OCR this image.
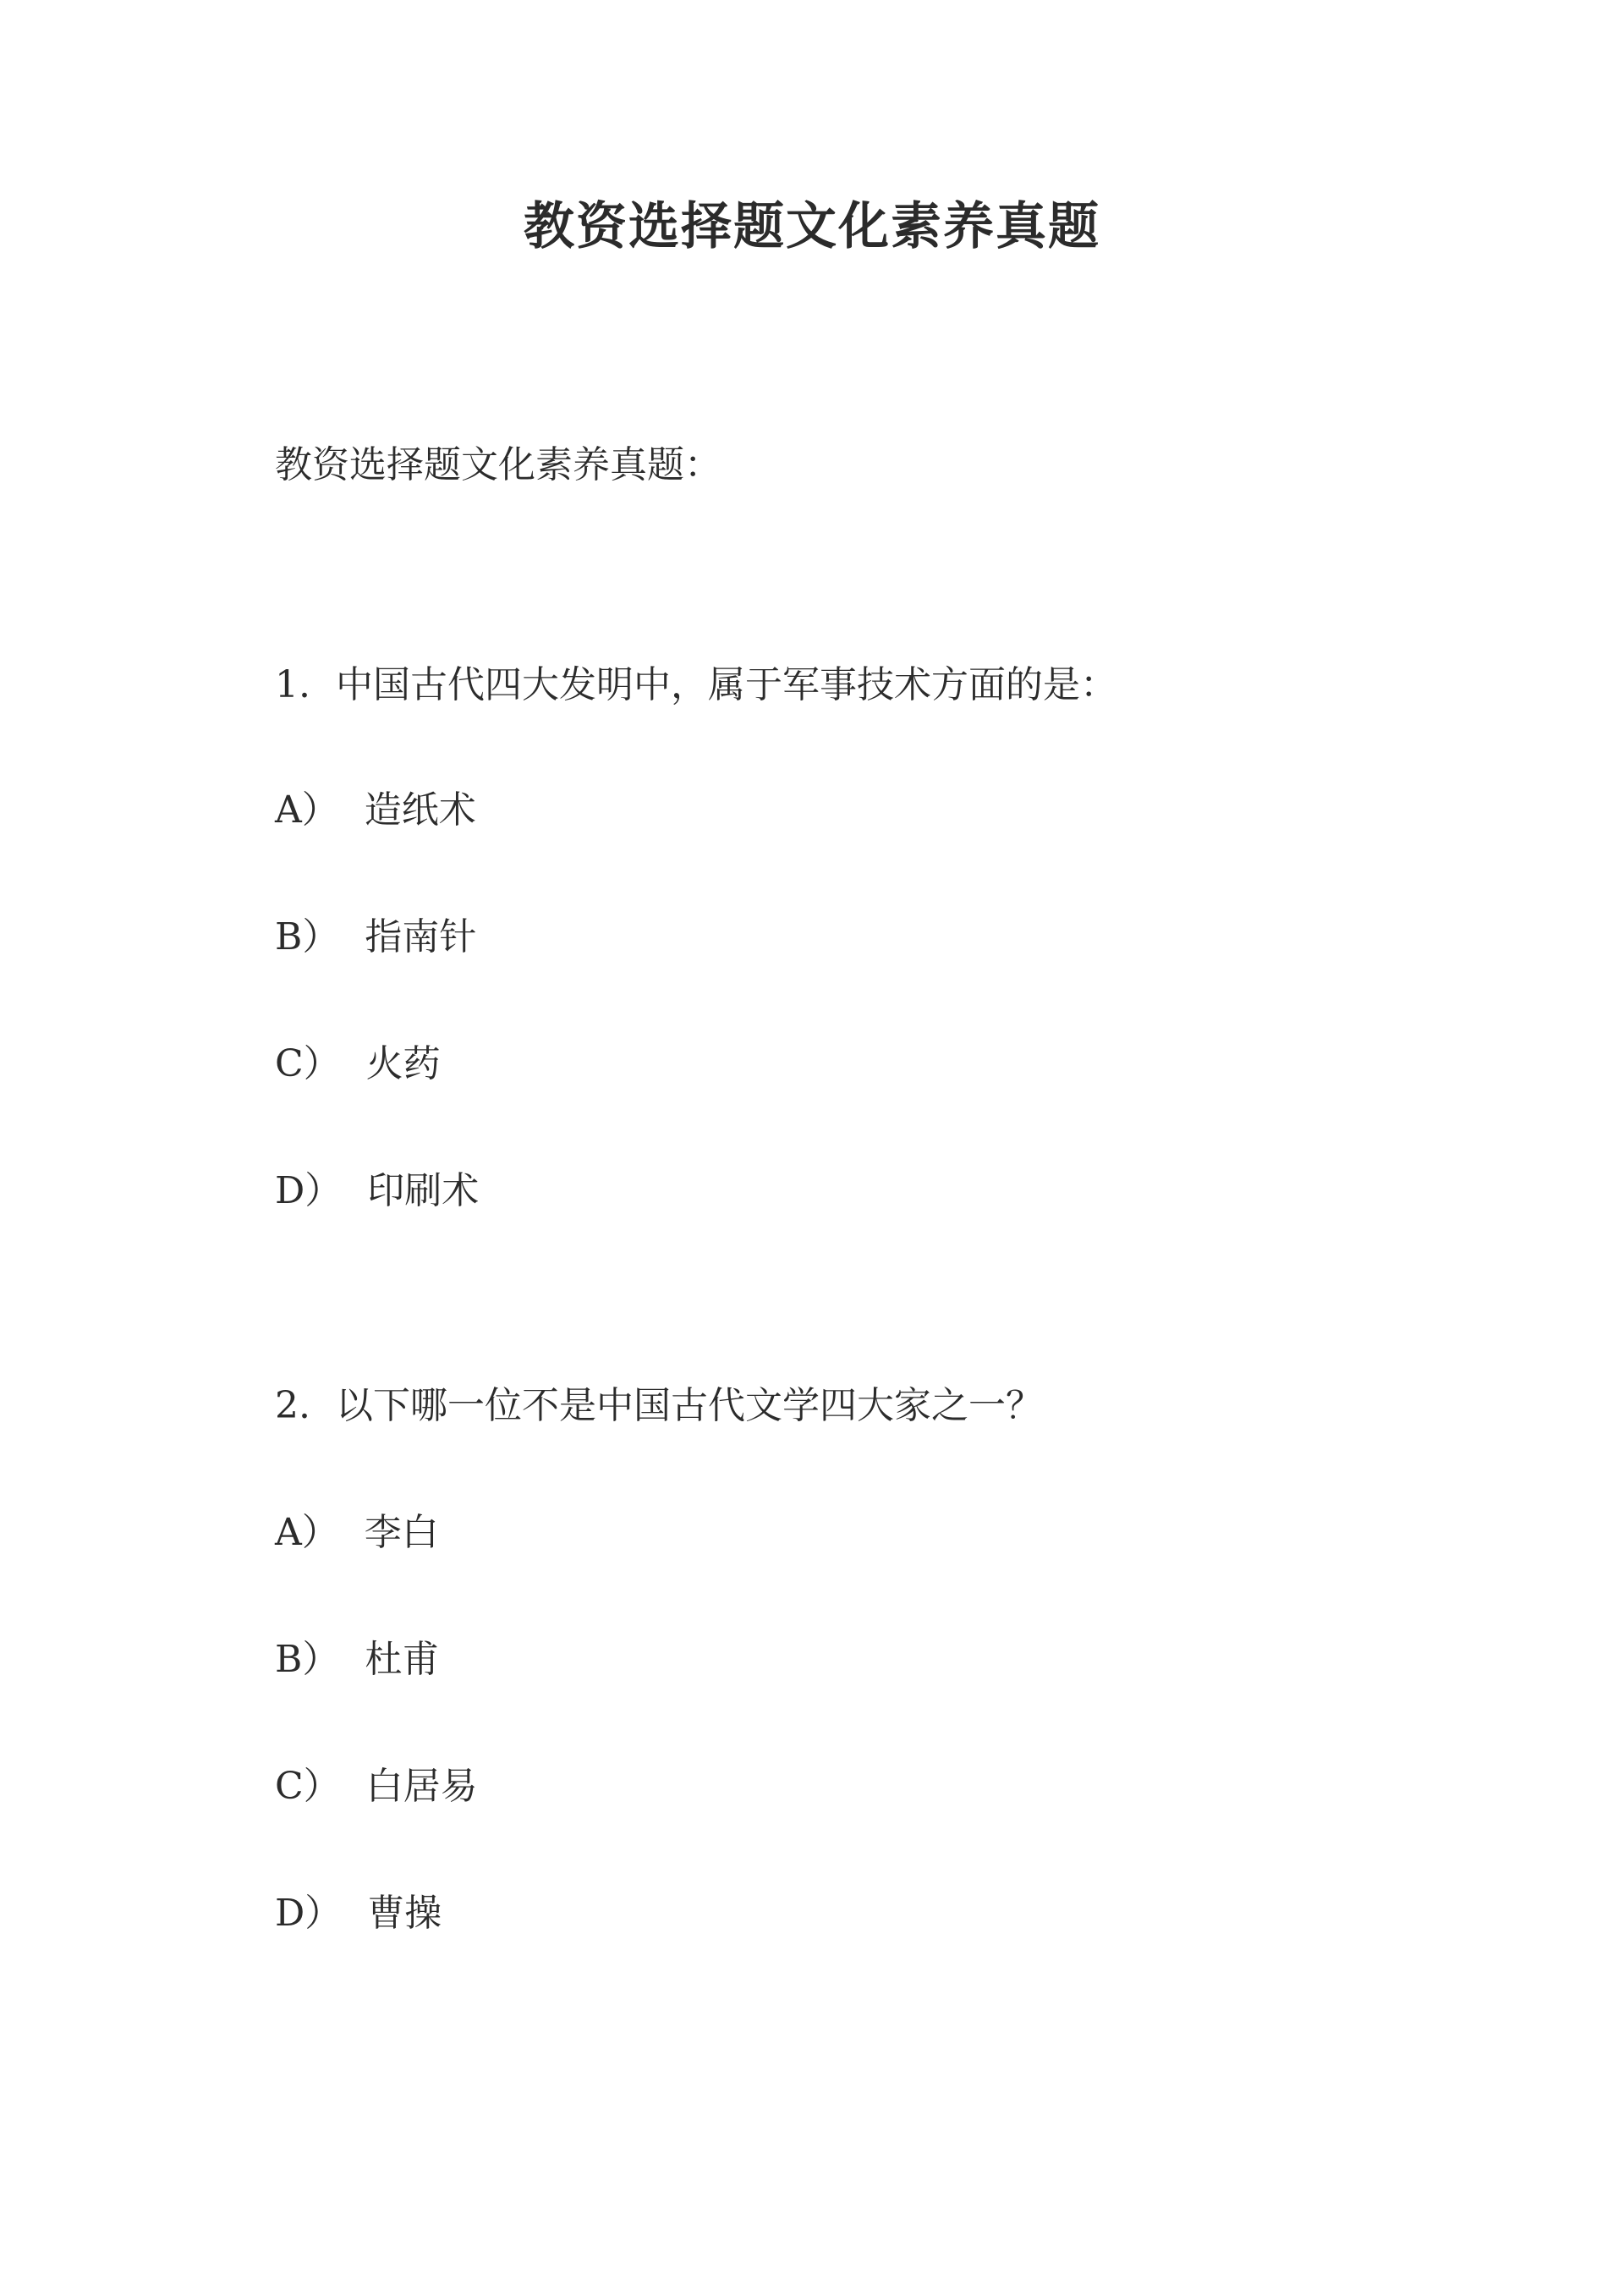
教资选择题文化素养真题

教资选择题文化素养真题：

1. 中国古代四大发明中，属于军事技术方面的是：

A） 造纸术

B） 指南针

C） 火药

D） 印刷术

2. 以下哪一位不是中国古代文学四大家之一？

A） 李白

B） 杜甫

C） 白居易

D） 曹操
